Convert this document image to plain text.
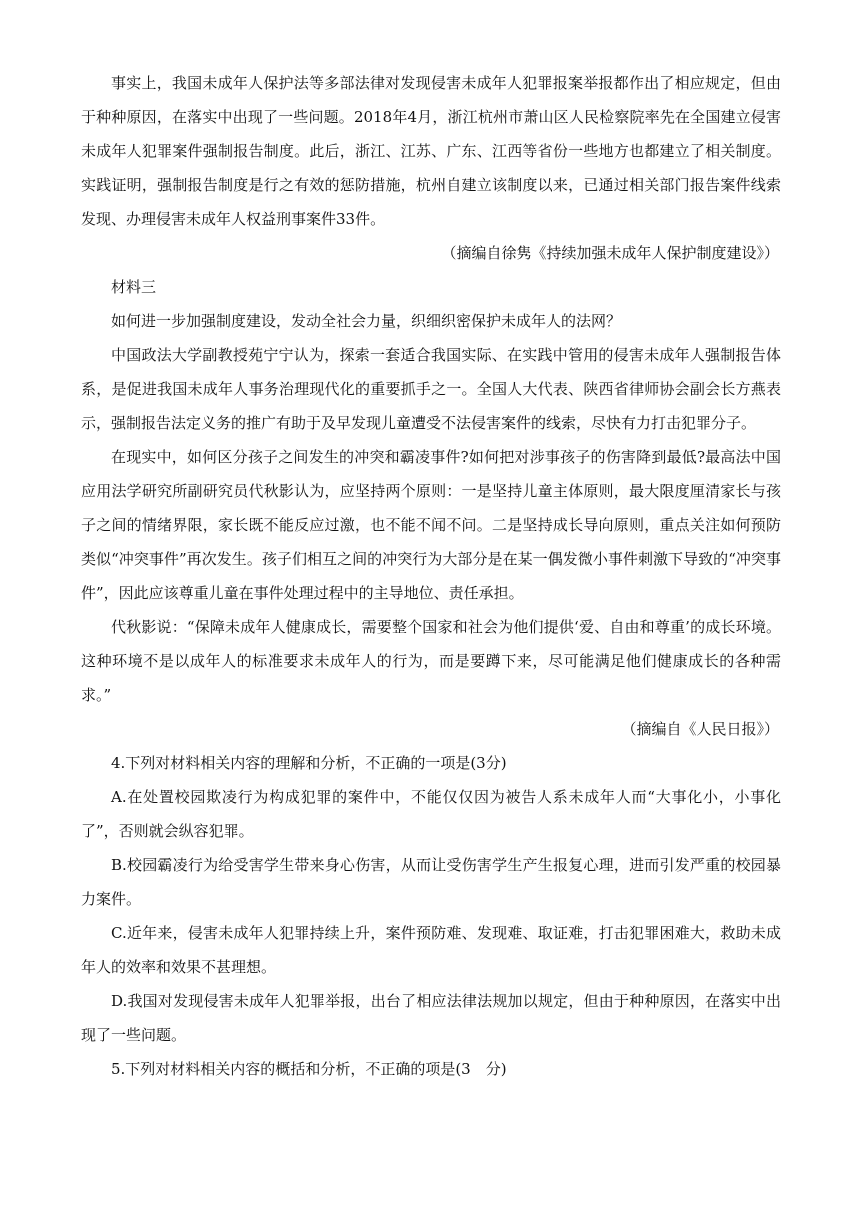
事实上，我国未成年人保护法等多部法律对发现侵害未成年人犯罪报案举报都作出了相应规定，但由于种种原因，在落实中出现了一些问题。2018年4月，浙江杭州市萧山区人民检察院率先在全国建立侵害未成年人犯罪案件强制报告制度。此后，浙江、江苏、广东、江西等省份一些地方也都建立了相关制度。实践证明，强制报告制度是行之有效的惩防措施，杭州自建立该制度以来，已通过相关部门报告案件线索发现、办理侵害未成年人权益刑事案件33件。

（摘编自徐隽《持续加强未成年人保护制度建设》）

材料三

如何进一步加强制度建设，发动全社会力量，织细织密保护未成年人的法网？

中国政法大学副教授苑宁宁认为，探索一套适合我国实际、在实践中管用的侵害未成年人强制报告体系，是促进我国未成年人事务治理现代化的重要抓手之一。全国人大代表、陕西省律师协会副会长方燕表示，强制报告法定义务的推广有助于及早发现儿童遭受不法侵害案件的线索，尽快有力打击犯罪分子。

在现实中，如何区分孩子之间发生的冲突和霸凌事件?如何把对涉事孩子的伤害降到最低?最高法中国应用法学研究所副研究员代秋影认为，应坚持两个原则：一是坚持儿童主体原则，最大限度厘清家长与孩子之间的情绪界限，家长既不能反应过激，也不能不闻不问。二是坚持成长导向原则，重点关注如何预防类似“冲突事件”再次发生。孩子们相互之间的冲突行为大部分是在某一偶发微小事件刺激下导致的“冲突事件”，因此应该尊重儿童在事件处理过程中的主导地位、责任承担。

代秋影说：“保障未成年人健康成长，需要整个国家和社会为他们提供‘爱、自由和尊重’的成长环境。这种环境不是以成年人的标准要求未成年人的行为，而是要蹲下来，尽可能满足他们健康成长的各种需求。”

（摘编自《人民日报》）

4.下列对材料相关内容的理解和分析，不正确的一项是(3分)

A.在处置校园欺凌行为构成犯罪的案件中，不能仅仅因为被告人系未成年人而“大事化小，小事化了”，否则就会纵容犯罪。

B.校园霸凌行为给受害学生带来身心伤害，从而让受伤害学生产生报复心理，进而引发严重的校园暴力案件。

C.近年来，侵害未成年人犯罪持续上升，案件预防难、发现难、取证难，打击犯罪困难大，救助未成年人的效率和效果不甚理想。

D.我国对发现侵害未成年人犯罪举报，出台了相应法律法规加以规定，但由于种种原因，在落实中出现了一些问题。

5.下列对材料相关内容的概括和分析，不正确的项是(3　分)
